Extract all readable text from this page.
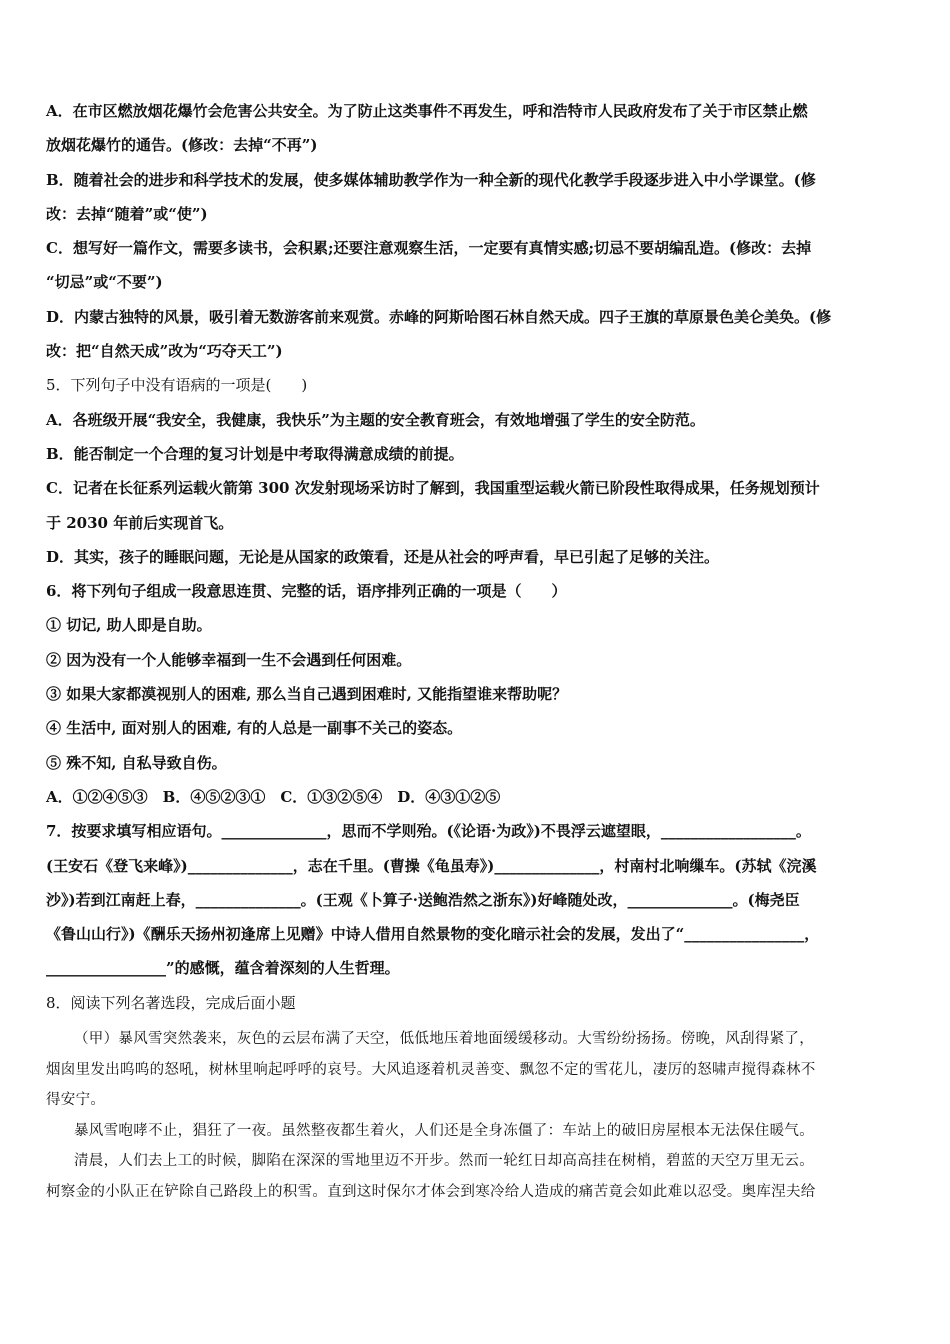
A．在市区燃放烟花爆竹会危害公共安全。为了防止这类事件不再发生，呼和浩特市人民政府发布了关于市区禁止燃
放烟花爆竹的通告。(修改：去掉“不再”)
B．随着社会的进步和科学技术的发展，使多媒体辅助教学作为一种全新的现代化教学手段逐步进入中小学课堂。(修
改：去掉“随着”或“使”)
C．想写好一篇作文，需要多读书，会积累;还要注意观察生活，一定要有真情实感;切忌不要胡编乱造。(修改：去掉
“切忌”或“不要”)
D．内蒙古独特的风景，吸引着无数游客前来观赏。赤峰的阿斯哈图石林自然天成。四子王旗的草原景色美仑美奂。(修
改：把“自然天成”改为“巧夺天工”)
5．下列句子中没有语病的一项是(　　)
A．各班级开展“我安全，我健康，我快乐”为主题的安全教育班会，有效地增强了学生的安全防范。
B．能否制定一个合理的复习计划是中考取得满意成绩的前提。
C．记者在长征系列运载火箭第 300 次发射现场采访时了解到，我国重型运载火箭已阶段性取得成果，任务规划预计
于 2030 年前后实现首飞。
D．其实，孩子的睡眠问题，无论是从国家的政策看，还是从社会的呼声看，早已引起了足够的关注。
6．将下列句子组成一段意思连贯、完整的话，语序排列正确的一项是（　　）
① 切记, 助人即是自助。
② 因为没有一个人能够幸福到一生不会遇到任何困难。
③ 如果大家都漠视别人的困难, 那么当自己遇到困难时, 又能指望谁来帮助呢？
④ 生活中, 面对别人的困难, 有的人总是一副事不关己的姿态。
⑤ 殊不知, 自私导致自伤。
A．①②④⑤③　B．④⑤②③①　C．①③②⑤④　D．④③①②⑤
7．按要求填写相应语句。______________，思而不学则殆。(《论语·为政》)不畏浮云遮望眼，__________________。
(王安石《登飞来峰》)______________，志在千里。(曹操《龟虽寿》)______________，村南村北响缫车。(苏轼《浣溪
沙》)若到江南赶上春，______________。(王观《卜算子·送鲍浩然之浙东》)好峰随处改，______________。(梅尧臣
《鲁山山行》)《酬乐天扬州初逢席上见赠》中诗人借用自然景物的变化暗示社会的发展，发出了“________________，
________________”的感慨，蕴含着深刻的人生哲理。
8．阅读下列名著选段，完成后面小题
（甲）暴风雪突然袭来，灰色的云层布满了天空，低低地压着地面缓缓移动。大雪纷纷扬扬。傍晚，风刮得紧了，
烟囱里发出呜呜的怒吼，树林里响起呼呼的哀号。大风追逐着机灵善变、飘忽不定的雪花儿，凄厉的怒啸声搅得森林不
得安宁。
暴风雪咆哮不止，猖狂了一夜。虽然整夜都生着火，人们还是全身冻僵了：车站上的破旧房屋根本无法保住暖气。
清晨，人们去上工的时候，脚陷在深深的雪地里迈不开步。然而一轮红日却高高挂在树梢，碧蓝的天空万里无云。
柯察金的小队正在铲除自己路段上的积雪。直到这时保尔才体会到寒冷给人造成的痛苦竟会如此难以忍受。奥库涅夫给
